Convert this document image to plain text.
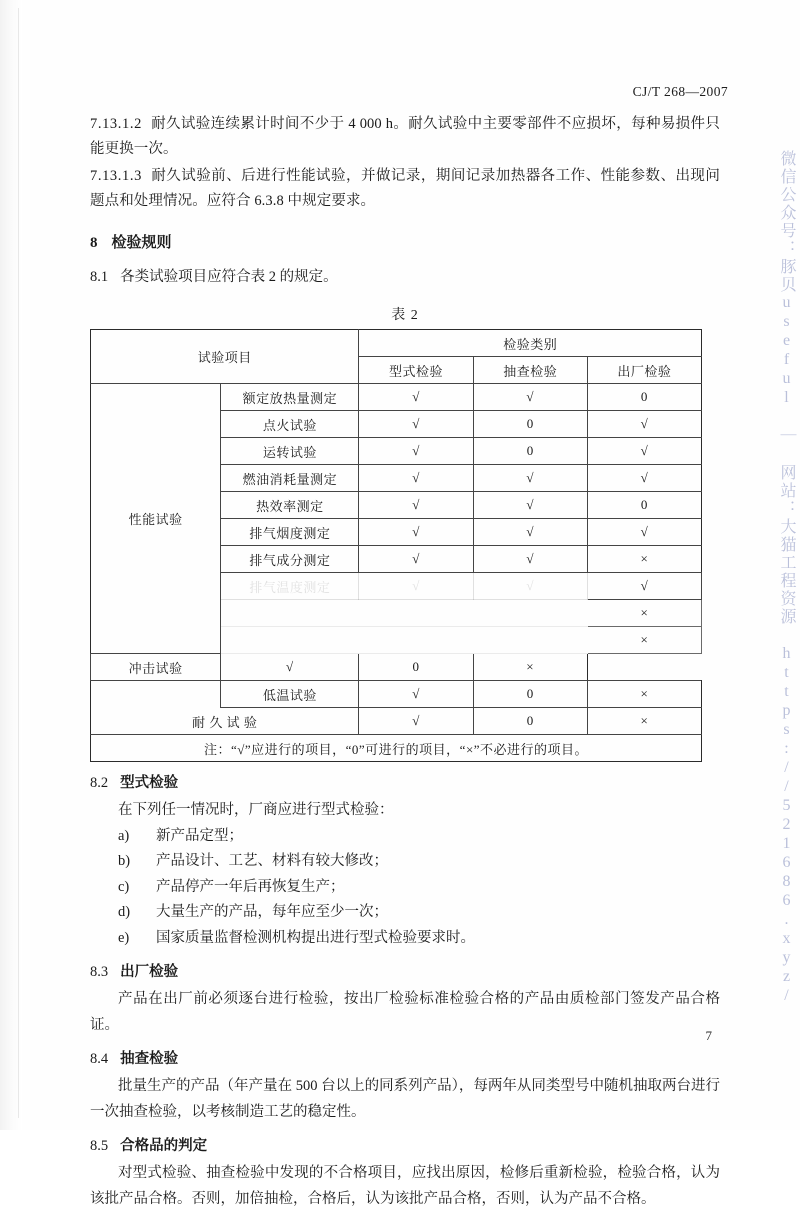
CJ/T 268—2007

7.13.1.2 耐久试验连续累计时间不少于 4 000 h。耐久试验中主要零部件不应损坏，每种易损件只能更换一次。

7.13.1.3 耐久试验前、后进行性能试验，并做记录，期间记录加热器各工作、性能参数、出现问题点和处理情况。应符合 6.3.8 中规定要求。

8 检验规则
8.1 各类试验项目应符合表 2 的规定。
表 2
试验项目		检验类别		
		型式检验	抽查检验	出厂检验
性能试验	额定放热量测定	√	√	0
	点火试验	√	0	√
	运转试验	√	0	√
	燃油消耗量测定	√	√	√
	热效率测定	√	√	0
	排气烟度测定	√	√	√
	排气成分测定	√	√	×
	排气温度测定	√	√	√
				×
				×
冲击试验	√	0	×	
	低温试验	√	0	×
耐 久 试 验		√	0	×
注：“√”应进行的项目，“0”可进行的项目，“×”不必进行的项目。				
8.2 型式检验

在下列任一情况时，厂商应进行型式检验：

a) 新产品定型；
b) 产品设计、工艺、材料有较大修改；
c) 产品停产一年后再恢复生产；
d) 大量生产的产品，每年应至少一次；
e) 国家质量监督检测机构提出进行型式检验要求时。
8.3 出厂检验

产品在出厂前必须逐台进行检验，按出厂检验标准检验合格的产品由质检部门签发产品合格证。

8.4 抽查检验

批量生产的产品（年产量在 500 台以上的同系列产品），每两年从同类型号中随机抽取两台进行一次抽查检验，以考核制造工艺的稳定性。

8.5 合格品的判定

对型式检验、抽查检验中发现的不合格项目，应找出原因，检修后重新检验，检验合格，认为该批产品合格。否则，加倍抽检，合格后，认为该批产品合格，否则，认为产品不合格。

微信公众号：豚贝useful ｜ 网站：大猫工程资源 https://521686.xyz/
7
